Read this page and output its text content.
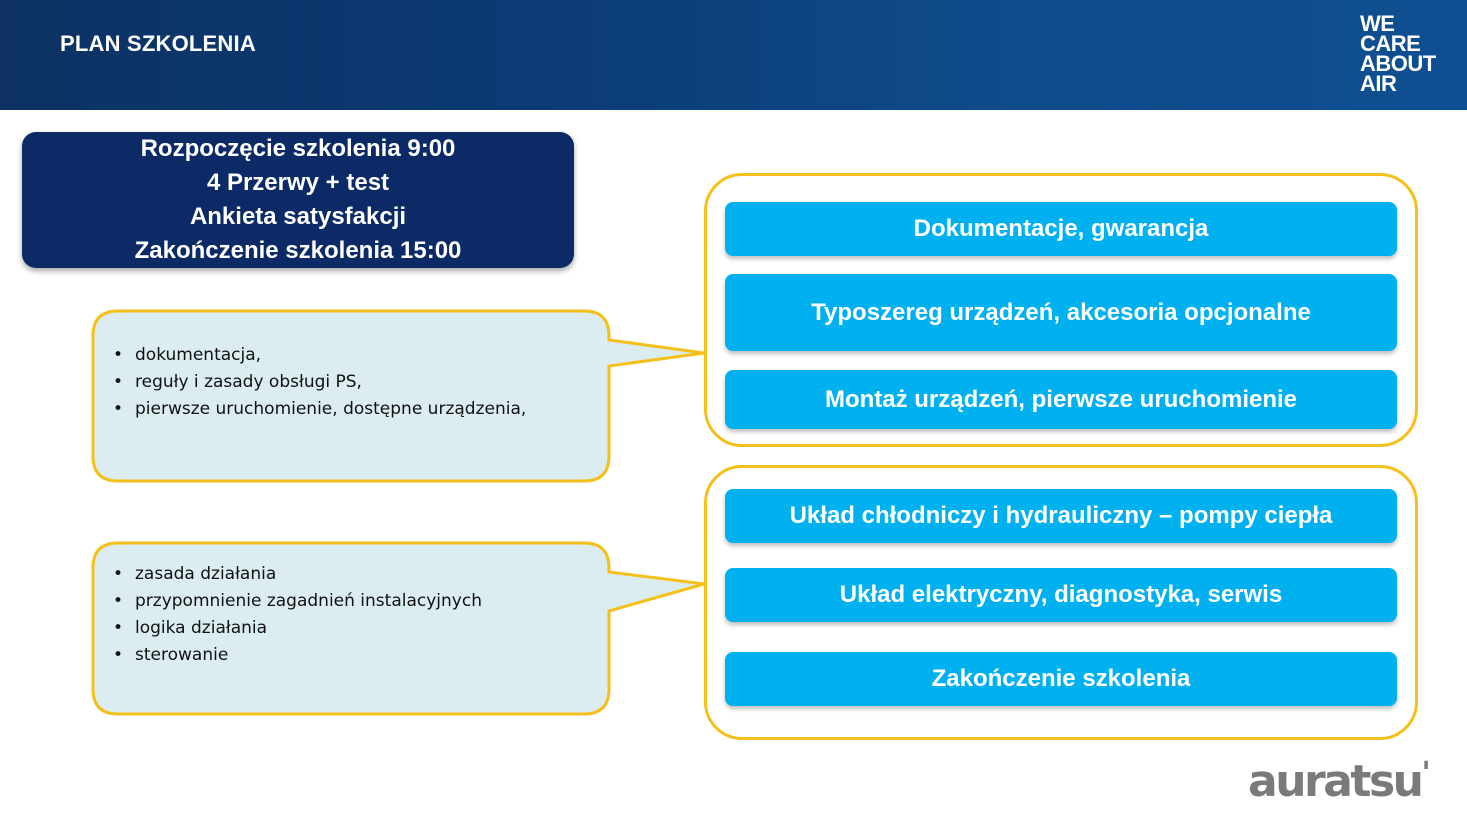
PLAN SZKOLENIA
WE
CARE
ABOUT
AIR
Rozpoczęcie szkolenia 9:00
4 Przerwy + test
Ankieta satysfakcji
Zakończenie szkolenia 15:00
• dokumentacja,
• reguły i zasady obsługi PS,
• pierwsze uruchomienie, dostępne urządzenia,
• zasada działania
• przypomnienie zagadnień instalacyjnych
• logika działania
• sterowanie
Dokumentacje, gwarancja
Typoszereg urządzeń, akcesoria opcjonalne
Montaż urządzeń, pierwsze uruchomienie
Układ chłodniczy i hydrauliczny – pompy ciepła
Układ elektryczny, diagnostyka, serwis
Zakończenie szkolenia
auratsu'
